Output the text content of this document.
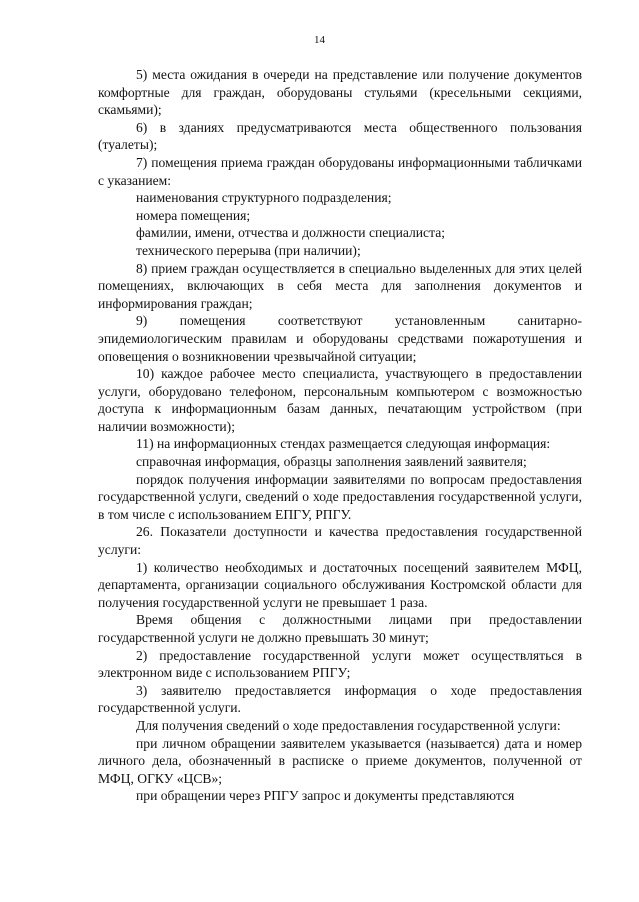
14

5) места ожидания в очереди на представление или получение документов комфортные для граждан, оборудованы стульями (кресельными секциями, скамьями);

6) в зданиях предусматриваются места общественного пользования (туалеты);

7) помещения приема граждан оборудованы информационными табличками с указанием:

наименования структурного подразделения;

номера помещения;

фамилии, имени, отчества и должности специалиста;

технического перерыва (при наличии);

8) прием граждан осуществляется в специально выделенных для этих целей помещениях, включающих в себя места для заполнения документов и информирования граждан;

9) помещения соответствуют установленным санитарно-эпидемиологическим правилам и оборудованы средствами пожаротушения и оповещения о возникновении чрезвычайной ситуации;

10) каждое рабочее место специалиста, участвующего в предоставлении услуги, оборудовано телефоном, персональным компьютером с возможностью доступа к информационным базам данных, печатающим устройством (при наличии возможности);

11) на информационных стендах размещается следующая информация:

справочная информация, образцы заполнения заявлений заявителя;

порядок получения информации заявителями по вопросам предоставления государственной услуги, сведений о ходе предоставления государственной услуги, в том числе с использованием ЕПГУ, РПГУ.

26. Показатели доступности и качества предоставления государственной услуги:

1) количество необходимых и достаточных посещений заявителем МФЦ, департамента, организации социального обслуживания Костромской области для получения государственной услуги не превышает 1 раза.

Время общения с должностными лицами при предоставлении государственной услуги не должно превышать 30 минут;

2) предоставление государственной услуги может осуществляться в электронном виде с использованием РПГУ;

3) заявителю предоставляется информация о ходе предоставления государственной услуги.

Для получения сведений о ходе предоставления государственной услуги:

при личном обращении заявителем указывается (называется) дата и номер личного дела, обозначенный в расписке о приеме документов, полученной от МФЦ, ОГКУ «ЦСВ»;

при обращении через РПГУ запрос и документы представляются
